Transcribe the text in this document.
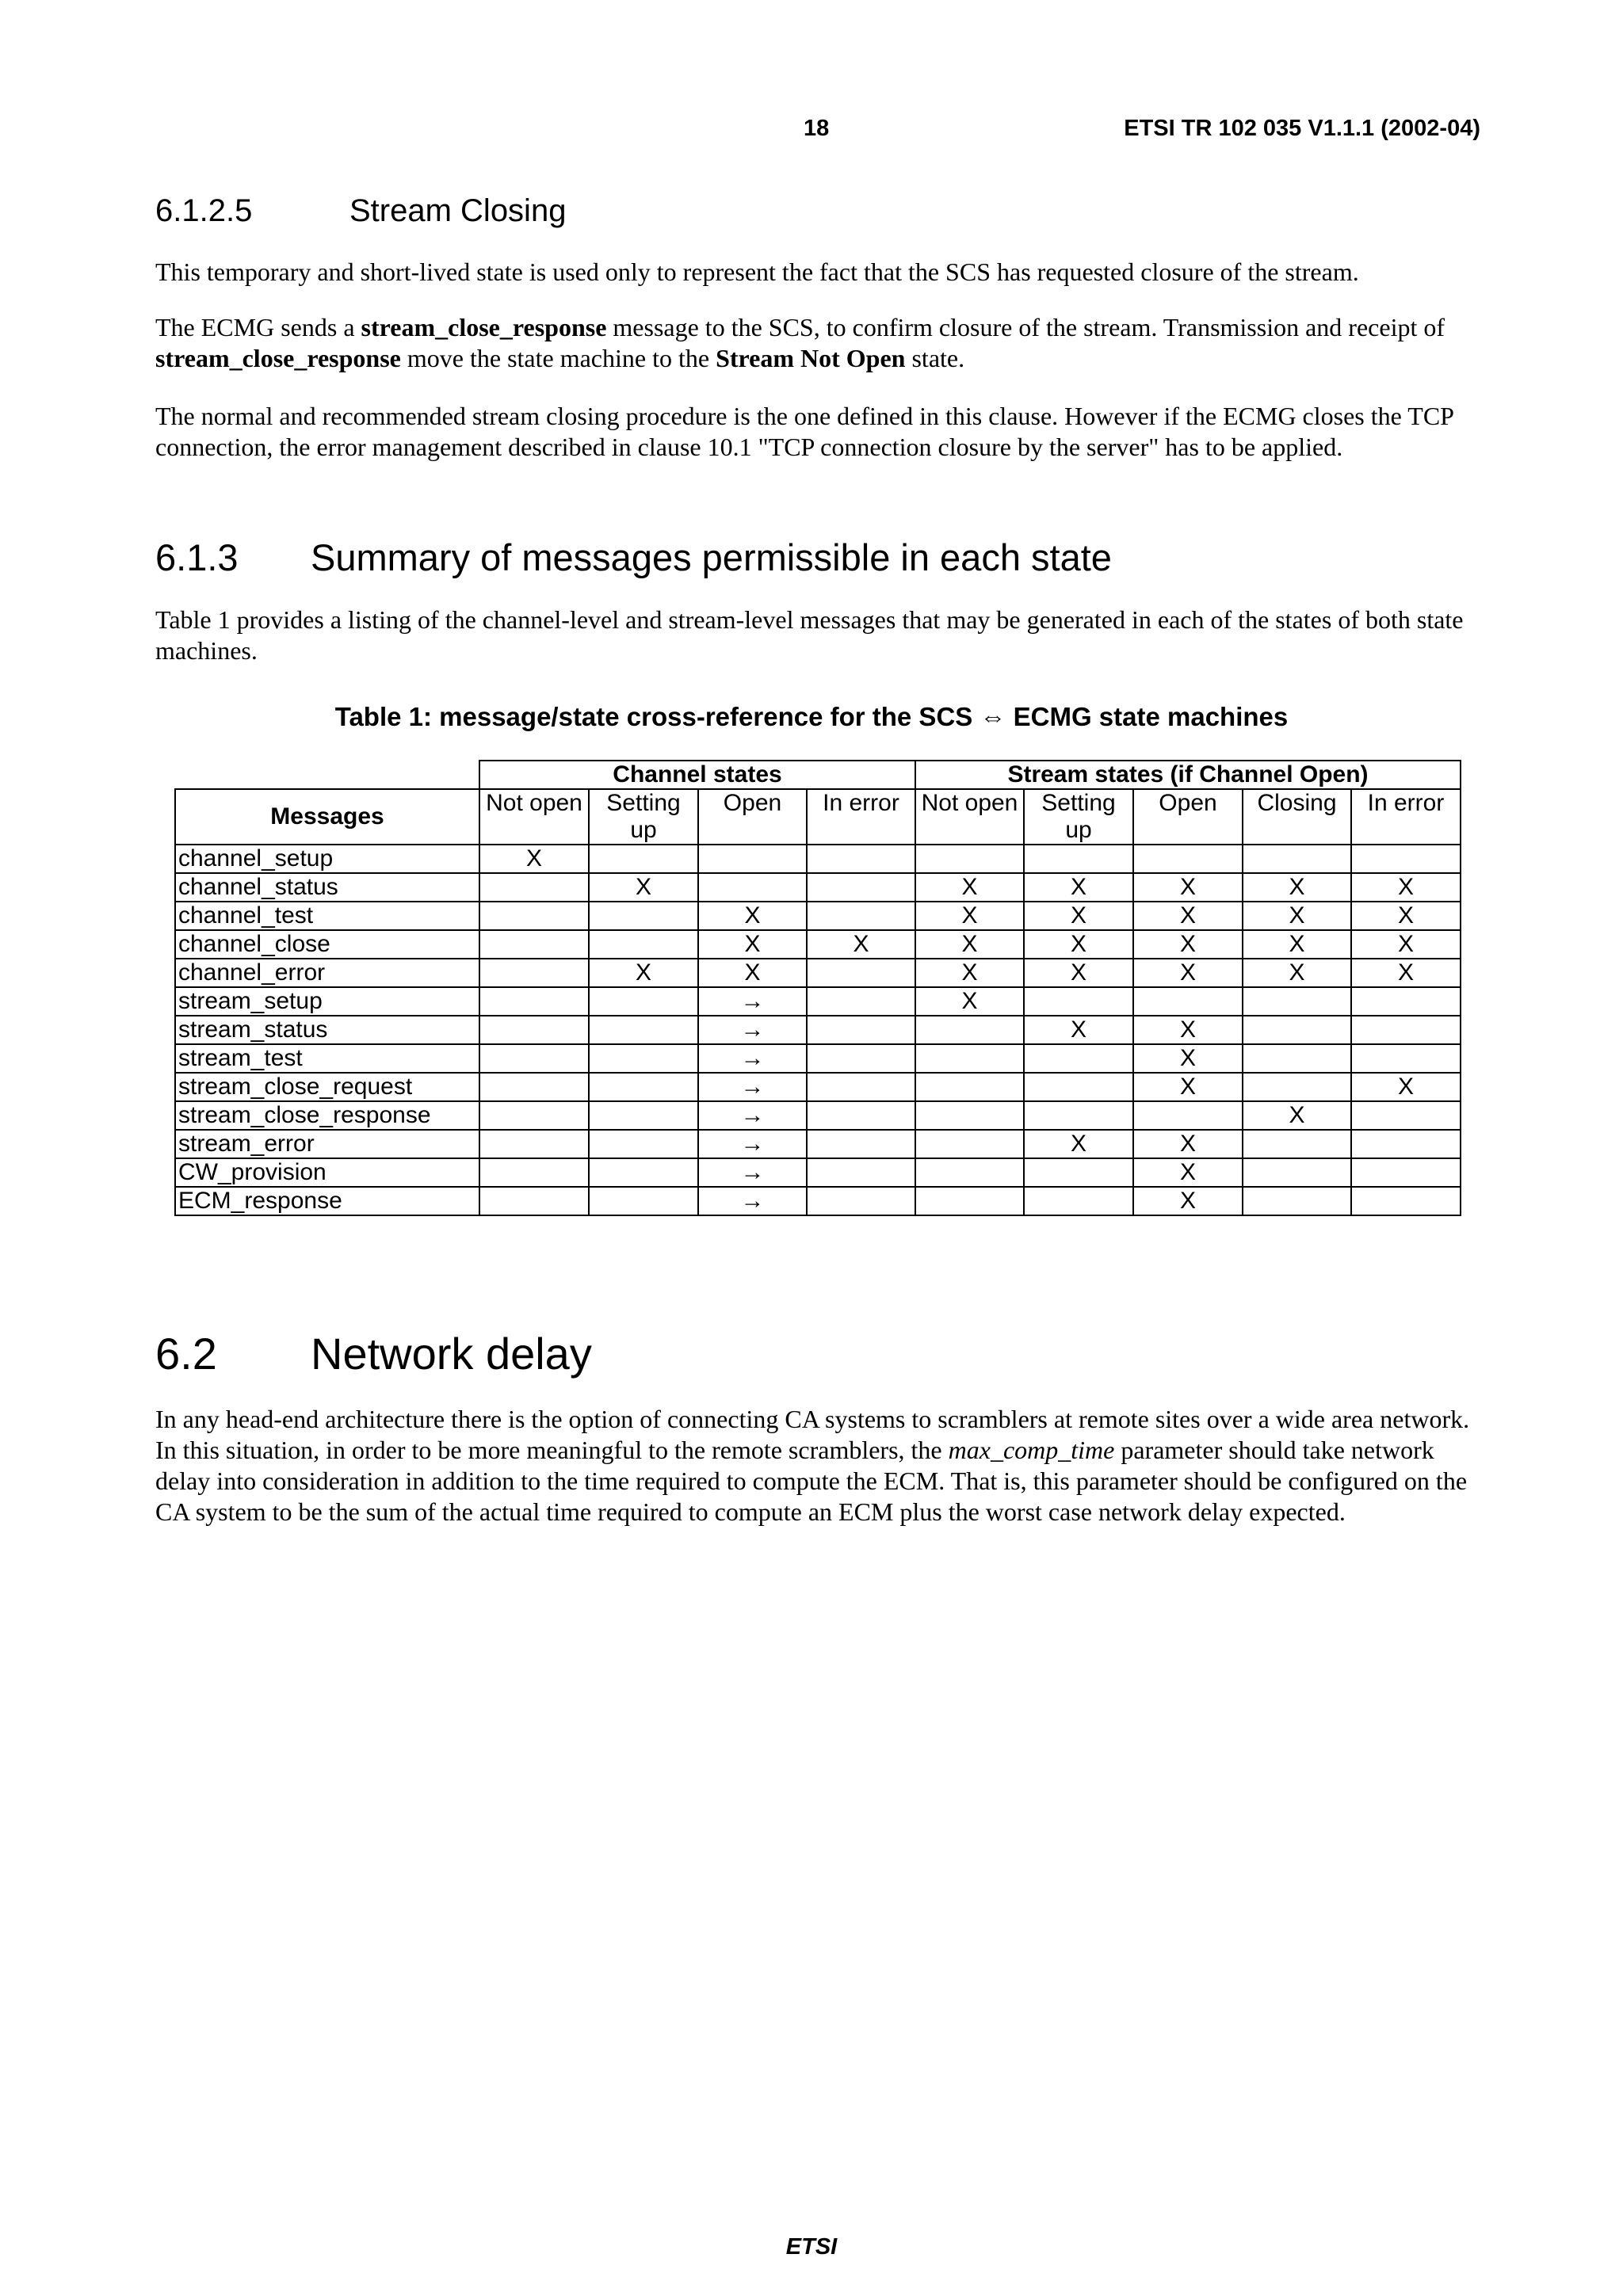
18	ETSI TR 102 035 V1.1.1 (2002-04)
6.1.2.5	Stream Closing

This temporary and short-lived state is used only to represent the fact that the SCS has requested closure of the stream.

The ECMG sends a stream_close_response message to the SCS, to confirm closure of the stream. Transmission and receipt of stream_close_response move the state machine to the Stream Not Open state.

The normal and recommended stream closing procedure is the one defined in this clause. However if the ECMG closes the TCP connection, the error management described in clause 10.1 "TCP connection closure by the server" has to be applied.

6.1.3 Summary of messages permissible in each state

Table 1 provides a listing of the channel-level and stream-level messages that may be generated in each of the states of both state machines.

Table 1: message/state cross-reference for the SCS ⇔ ECMG state machines
	Channel states				Stream states (if Channel Open)				
Messages	Not open	Setting up	Open	In error	Not open	Setting up	Open	Closing	In error
channel_setup	X								
channel_status		X			X	X	X	X	X
channel_test			X		X	X	X	X	X
channel_close			X	X	X	X	X	X	X
channel_error		X	X		X	X	X	X	X
stream_setup			→		X				
stream_status			→			X	X		
stream_test			→				X		
stream_close_request			→				X		X
stream_close_response			→					X	
stream_error			→			X	X		
CW_provision			→				X		
ECM_response			→				X		
6.2 Network delay

In any head-end architecture there is the option of connecting CA systems to scramblers at remote sites over a wide area network. In this situation, in order to be more meaningful to the remote scramblers, the max_comp_time parameter should take network delay into consideration in addition to the time required to compute the ECM. That is, this parameter should be configured on the CA system to be the sum of the actual time required to compute an ECM plus the worst case network delay expected.

ETSI
